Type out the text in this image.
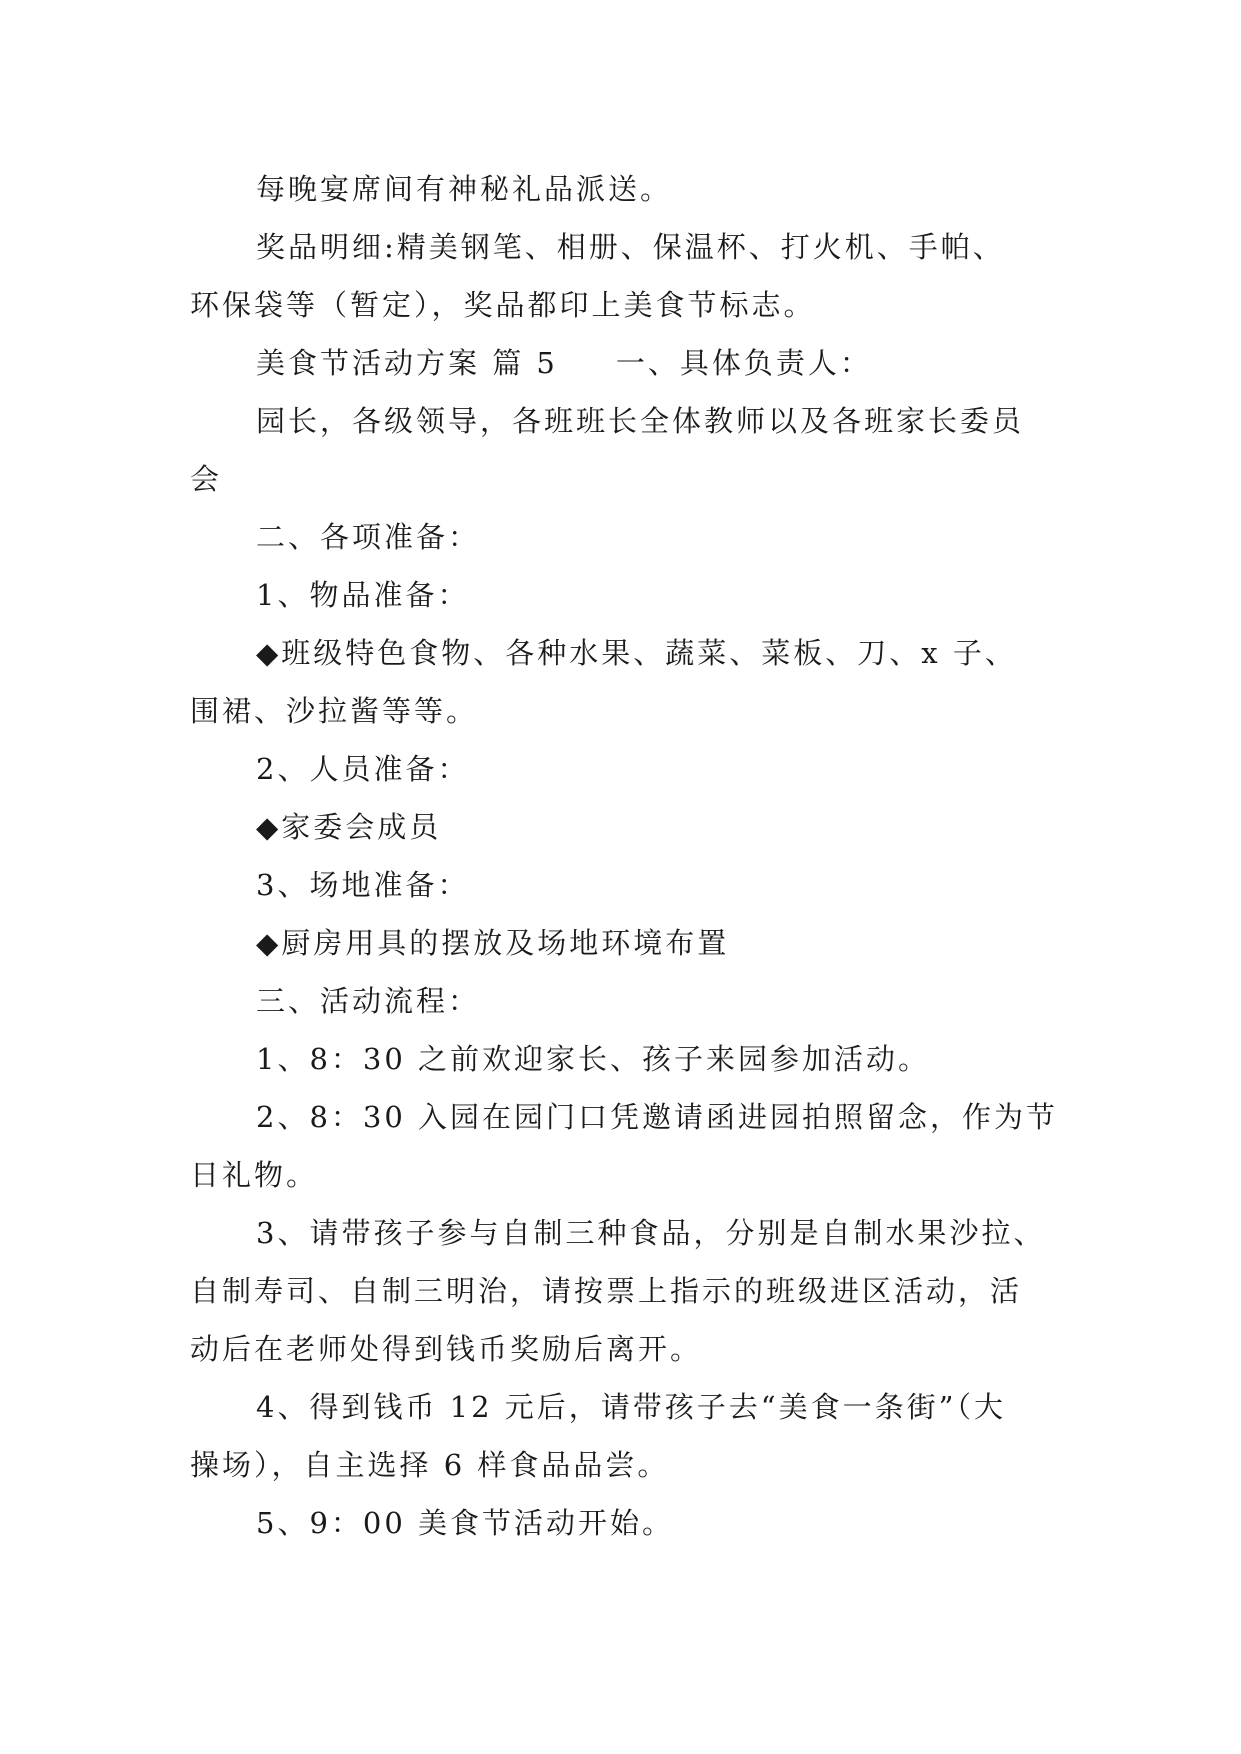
每晚宴席间有神秘礼品派送。

奖品明细:精美钢笔、相册、保温杯、打火机、手帕、

环保袋等（暂定），奖品都印上美食节标志。

美食节活动方案 篇 5 一、具体负责人：

园长，各级领导，各班班长全体教师以及各班家长委员

会

二、各项准备：

1、物品准备：

◆班级特色食物、各种水果、蔬菜、菜板、刀、x 子、

围裙、沙拉酱等等。

2、人员准备：

◆家委会成员

3、场地准备：

◆厨房用具的摆放及场地环境布置

三、活动流程：

1、8：30 之前欢迎家长、孩子来园参加活动。

2、8：30 入园在园门口凭邀请函进园拍照留念，作为节

日礼物。

3、请带孩子参与自制三种食品，分别是自制水果沙拉、

自制寿司、自制三明治，请按票上指示的班级进区活动，活

动后在老师处得到钱币奖励后离开。

4、得到钱币 12 元后，请带孩子去“美食一条街”（大

操场），自主选择 6 样食品品尝。

5、9：00 美食节活动开始。
